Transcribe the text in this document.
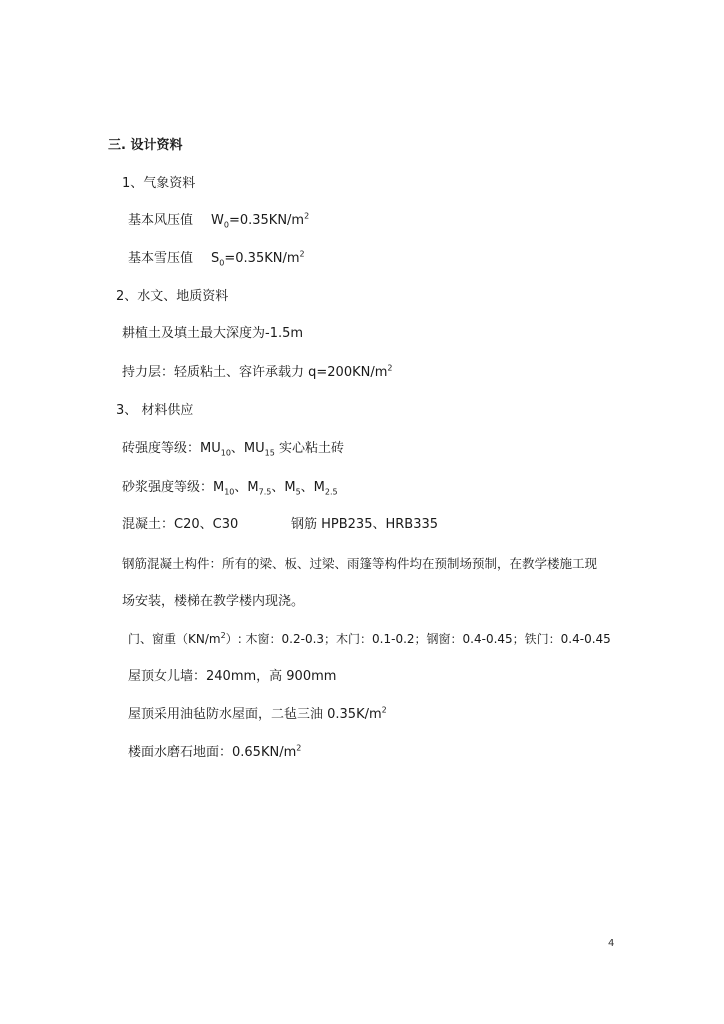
三. 设计资料
1、气象资料
基本风压值 $W_0=0.35KN/m^2$
基本雪压值 $S_0=0.35KN/m^2$
2、水文、地质资料
耕植土及填土最大深度为-1.5m
持力层：轻质粘土、容许承载力 $q=200KN/m^2$
3、 材料供应
砖强度等级：$MU_{10}$、$MU_{15}$ 实心粘土砖
砂浆强度等级：$M_{10}$、$M_{7.5}$、$M_5$、$M_{2.5}$
混凝土：C20、C30	钢筋 HPB235、HRB335
钢筋混凝土构件：所有的梁、板、过梁、雨篷等构件均在预制场预制，在教学楼施工现
场安装，楼梯在教学楼内现浇。
门、窗重$(KN/m^2)$: 木窗：0.2-0.3；木门：0.1-0.2；钢窗：0.4-0.45；铁门：0.4-0.45
屋顶女儿墙：240mm，高 900mm
屋顶采用油毡防水屋面，二毡三油 $0.35K/m^2$
楼面水磨石地面：$0.65KN/m^2$
4
